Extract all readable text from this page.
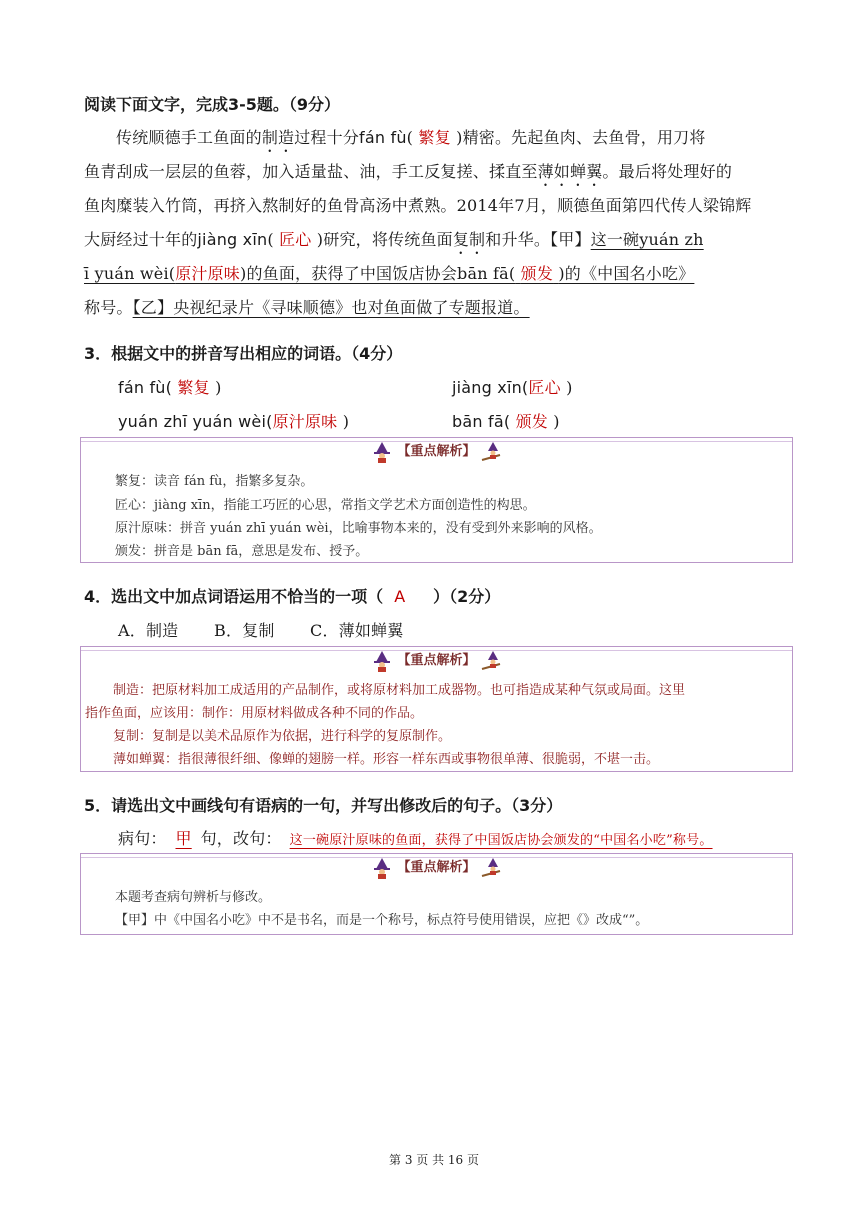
阅读下面文字，完成3-5题。（9分）
传统顺德手工鱼面的制造过程十分fán fù( 繁复 )精密。先起鱼肉、去鱼骨，用刀将
鱼青刮成一层层的鱼蓉，加入适量盐、油，手工反复搓、揉直至薄如蝉翼。最后将处理好的
鱼肉糜装入竹筒，再挤入熬制好的鱼骨高汤中煮熟。2014年7月，顺德鱼面第四代传人梁锦辉
大厨经过十年的jiàng xīn( 匠心 )研究，将传统鱼面复制和升华。【甲】这一碗yuán zh
ī yuán wèi(原汁原味)的鱼面，获得了中国饭店协会bān fā( 颁发 )的《中国名小吃》
称号。【乙】央视纪录片《寻味顺德》也对鱼面做了专题报道。
3．根据文中的拼音写出相应的词语。（4分）
fán fù( 繁复 )	jiàng xīn(匠心 )
yuán zhī yuán wèi(原汁原味 )	bān fā( 颁发 )
【重点解析】
繁复：读音 fán fù，指繁多复杂。
匠心：jiàng xīn，指能工巧匠的心思，常指文学艺术方面创造性的构思。
原汁原味：拼音 yuán zhī yuán wèi，比喻事物本来的，没有受到外来影响的风格。
颁发：拼音是 bān fā，意思是发布、授予。
4．选出文中加点词语运用不恰当的一项（ A ）（2分）
A．制造 B．复制 C．薄如蝉翼
【重点解析】
制造：把原材料加工成适用的产品制作，或将原材料加工成器物。也可指造成某种气氛或局面。这里
指作鱼面，应该用：制作：用原材料做成各种不同的作品。
复制：复制是以美术品原作为依据，进行科学的复原制作。
薄如蝉翼：指很薄很纤细、像蝉的翅膀一样。形容一样东西或事物很单薄、很脆弱，不堪一击。
5．请选出文中画线句有语病的一句，并写出修改后的句子。（3分）
病句： 甲 句，改句： 这一碗原汁原味的鱼面，获得了中国饭店协会颁发的“中国名小吃”称号。
【重点解析】
本题考查病句辨析与修改。
【甲】中《中国名小吃》中不是书名，而是一个称号，标点符号使用错误，应把《》改成“”。
第 3 页 共 16 页
